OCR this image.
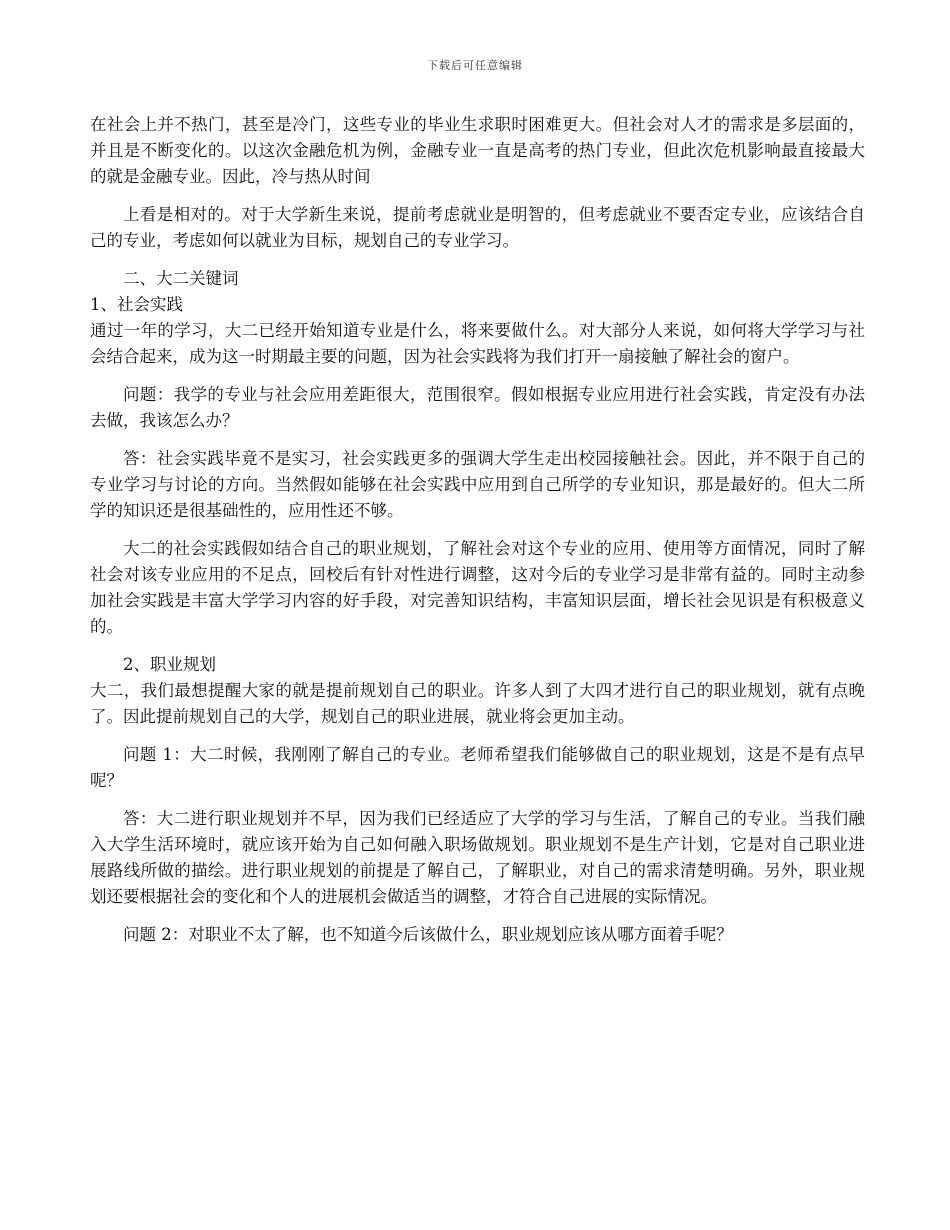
下载后可任意编辑

在社会上并不热门，甚至是冷门，这些专业的毕业生求职时困难更大。但社会对人才的需求是多层面的，并且是不断变化的。以这次金融危机为例，金融专业一直是高考的热门专业，但此次危机影响最直接最大的就是金融专业。因此，冷与热从时间

上看是相对的。对于大学新生来说，提前考虑就业是明智的，但考虑就业不要否定专业，应该结合自己的专业，考虑如何以就业为目标，规划自己的专业学习。

二、大二关键词

1、社会实践

通过一年的学习，大二已经开始知道专业是什么，将来要做什么。对大部分人来说，如何将大学学习与社会结合起来，成为这一时期最主要的问题，因为社会实践将为我们打开一扇接触了解社会的窗户。

问题：我学的专业与社会应用差距很大，范围很窄。假如根据专业应用进行社会实践，肯定没有办法去做，我该怎么办？

答：社会实践毕竟不是实习，社会实践更多的强调大学生走出校园接触社会。因此，并不限于自己的专业学习与讨论的方向。当然假如能够在社会实践中应用到自己所学的专业知识，那是最好的。但大二所学的知识还是很基础性的，应用性还不够。

大二的社会实践假如结合自己的职业规划，了解社会对这个专业的应用、使用等方面情况，同时了解社会对该专业应用的不足点，回校后有针对性进行调整，这对今后的专业学习是非常有益的。同时主动参加社会实践是丰富大学学习内容的好手段，对完善知识结构，丰富知识层面，增长社会见识是有积极意义的。

2、职业规划

大二，我们最想提醒大家的就是提前规划自己的职业。许多人到了大四才进行自己的职业规划，就有点晚了。因此提前规划自己的大学，规划自己的职业进展，就业将会更加主动。

问题 1：大二时候，我刚刚了解自己的专业。老师希望我们能够做自己的职业规划，这是不是有点早呢？

答：大二进行职业规划并不早，因为我们已经适应了大学的学习与生活，了解自己的专业。当我们融入大学生活环境时，就应该开始为自己如何融入职场做规划。职业规划不是生产计划，它是对自己职业进展路线所做的描绘。进行职业规划的前提是了解自己，了解职业，对自己的需求清楚明确。另外，职业规划还要根据社会的变化和个人的进展机会做适当的调整，才符合自己进展的实际情况。

问题 2：对职业不太了解，也不知道今后该做什么，职业规划应该从哪方面着手呢？
